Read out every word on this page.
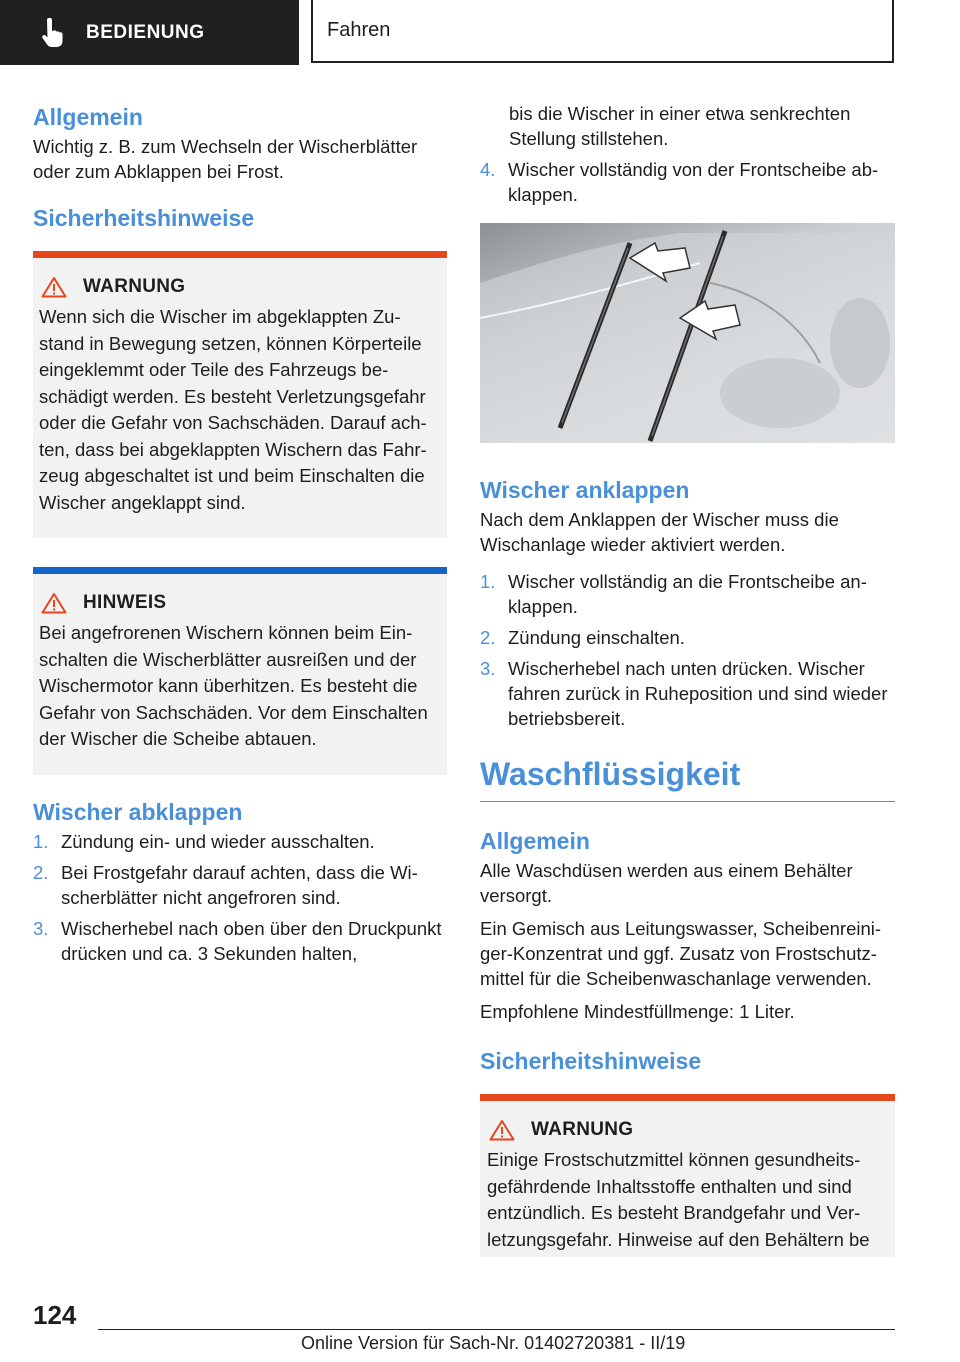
BEDIENUNG	Fahren
Allgemein

Wichtig z. B. zum Wechseln der Wischerblätter oder zum Abklappen bei Frost.

Sicherheitshinweise
WARNUNG

Wenn sich die Wischer im abgeklappten Zustand in Bewegung setzen, können Körperteile eingeklemmt oder Teile des Fahrzeugs beschädigt werden. Es besteht Verletzungsgefahr oder die Gefahr von Sachschäden. Darauf achten, dass bei abgeklappten Wischern das Fahrzeug abgeschaltet ist und beim Einschalten die Wischer angeklappt sind.

HINWEIS

Bei angefrorenen Wischern können beim Einschalten die Wischerblätter ausreißen und der Wischermotor kann überhitzen. Es besteht die Gefahr von Sachschäden. Vor dem Einschalten der Wischer die Scheibe abtauen.

Wischer abklappen
1. Zündung ein- und wieder ausschalten.
2. Bei Frostgefahr darauf achten, dass die Wischerblätter nicht angefroren sind.
3. Wischerhebel nach oben über den Druckpunkt drücken und ca. 3 Sekunden halten,

bis die Wischer in einer etwa senkrechten Stellung stillstehen.

4. Wischer vollständig von der Frontscheibe abklappen.
Wischer anklappen

Nach dem Anklappen der Wischer muss die Wischanlage wieder aktiviert werden.

1. Wischer vollständig an die Frontscheibe anklappen.
2. Zündung einschalten.
3. Wischerhebel nach unten drücken. Wischer fahren zurück in Ruheposition und sind wieder betriebsbereit.
Waschflüssigkeit
Allgemein

Alle Waschdüsen werden aus einem Behälter versorgt.

Ein Gemisch aus Leitungswasser, Scheibenreiniger-Konzentrat und ggf. Zusatz von Frostschutzmittel für die Scheibenwaschanlage verwenden.

Empfohlene Mindestfüllmenge: 1 Liter.

Sicherheitshinweise
WARNUNG

Einige Frostschutzmittel können gesundheitsgefährdende Inhaltsstoffe enthalten und sind entzündlich. Es besteht Brandgefahr und Verletzungsgefahr. Hinweise auf den Behältern be

124
Online Version für Sach-Nr. 01402720381 - II/19
